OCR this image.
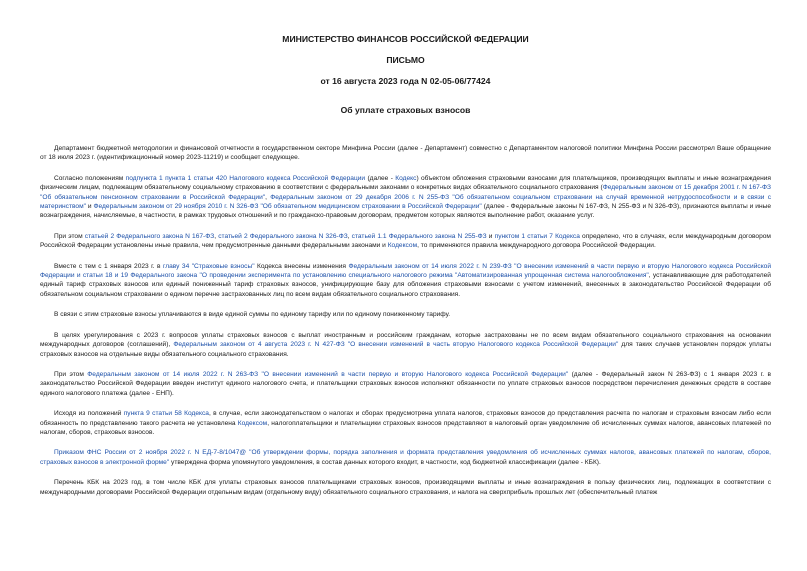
МИНИСТЕРСТВО ФИНАНСОВ РОССИЙСКОЙ ФЕДЕРАЦИИ
ПИСЬМО
от 16 августа 2023 года N 02-05-06/77424
Об уплате страховых взносов
Департамент бюджетной методологии и финансовой отчетности в государственном секторе Минфина России (далее - Департамент) совместно с Департаментом налоговой политики Минфина России рассмотрел Ваше обращение от 18 июля 2023 г. (идентификационный номер 2023-11219) и сообщает следующее.
Согласно положениям подпункта 1 пункта 1 статьи 420 Налогового кодекса Российской Федерации (далее - Кодекс) объектом обложения страховыми взносами для плательщиков, производящих выплаты и иные вознаграждения физическим лицам, подлежащим обязательному социальному страхованию в соответствии с федеральными законами о конкретных видах обязательного социального страхования (Федеральным законом от 15 декабря 2001 г. N 167-ФЗ "Об обязательном пенсионном страховании в Российской Федерации", Федеральным законом от 29 декабря 2006 г. N 255-ФЗ "Об обязательном социальном страховании на случай временной нетрудоспособности и в связи с материнством" и Федеральным законом от 29 ноября 2010 г. N 326-ФЗ "Об обязательном медицинском страховании в Российской Федерации" (далее - Федеральные законы N 167-ФЗ, N 255-ФЗ и N 326-ФЗ), признаются выплаты и иные вознаграждения, начисляемые, в частности, в рамках трудовых отношений и по гражданско-правовым договорам, предметом которых являются выполнение работ, оказание услуг.
При этом статьей 2 Федерального закона N 167-ФЗ, статьей 2 Федерального закона N 326-ФЗ, статьей 1.1 Федерального закона N 255-ФЗ и пунктом 1 статьи 7 Кодекса определено, что в случаях, если международным договором Российской Федерации установлены иные правила, чем предусмотренные данными федеральными законами и Кодексом, то применяются правила международного договора Российской Федерации.
Вместе с тем с 1 января 2023 г. в главу 34 "Страховые взносы" Кодекса внесены изменения Федеральным законом от 14 июля 2022 г. N 239-ФЗ "О внесении изменений в части первую и вторую Налогового кодекса Российской Федерации и статьи 18 и 19 Федерального закона "О проведении эксперимента по установлению специального налогового режима "Автоматизированная упрощенная система налогообложения", устанавливающие для работодателей единый тариф страховых взносов или единый пониженный тариф страховых взносов, унифицирующие базу для обложения страховыми взносами с учетом изменений, внесенных в законодательство Российской Федерации об обязательном социальном страховании о едином перечне застрахованных лиц по всем видам обязательного социального страхования.
В связи с этим страховые взносы уплачиваются в виде единой суммы по единому тарифу или по единому пониженному тарифу.
В целях урегулирования с 2023 г. вопросов уплаты страховых взносов с выплат иностранным и российским гражданам, которые застрахованы не по всем видам обязательного социального страхования на основании международных договоров (соглашений), Федеральным законом от 4 августа 2023 г. N 427-ФЗ "О внесении изменений в часть вторую Налогового кодекса Российской Федерации" для таких случаев установлен порядок уплаты страховых взносов на отдельные виды обязательного социального страхования.
При этом Федеральным законом от 14 июля 2022 г. N 263-ФЗ "О внесении изменений в части первую и вторую Налогового кодекса Российской Федерации" (далее - Федеральный закон N 263-ФЗ) с 1 января 2023 г. в законодательство Российской Федерации введен институт единого налогового счета, и плательщики страховых взносов исполняют обязанности по уплате страховых взносов посредством перечисления денежных средств в составе единого налогового платежа (далее - ЕНП).
Исходя из положений пункта 9 статьи 58 Кодекса, в случае, если законодательством о налогах и сборах предусмотрена уплата налогов, страховых взносов до представления расчета по налогам и страховым взносам либо если обязанность по представлению такого расчета не установлена Кодексом, налогоплательщики и плательщики страховых взносов представляют в налоговый орган уведомление об исчисленных суммах налогов, авансовых платежей по налогам, сборов, страховых взносов.
Приказом ФНС России от 2 ноября 2022 г. N ЕД-7-8/1047@ "Об утверждении формы, порядка заполнения и формата представления уведомления об исчисленных суммах налогов, авансовых платежей по налогам, сборов, страховых взносов в электронной форме" утверждена форма упомянутого уведомления, в состав данных которого входит, в частности, код бюджетной классификации (далее - КБК).
Перечень КБК на 2023 год, в том числе КБК для уплаты страховых взносов плательщиками страховых взносов, производящими выплаты и иные вознаграждения в пользу физических лиц, подлежащих в соответствии с международными договорами Российской Федерации отдельным видам (отдельному виду) обязательного социального страхования, и налога на сверхприбыль прошлых лет (обеспечительный платеж
